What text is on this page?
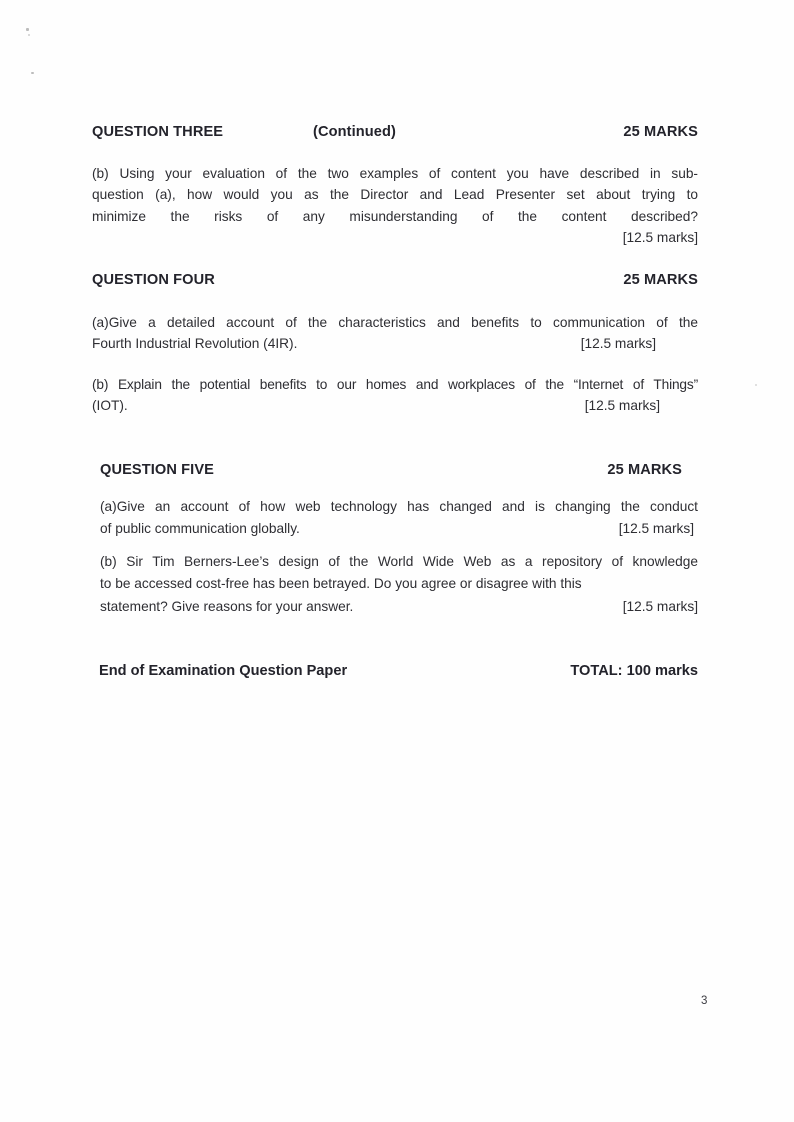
QUESTION THREE	(Continued)	25 MARKS
(b) Using your evaluation of the two examples of content you have described in sub-
question (a), how would you as the Director and Lead Presenter set about trying to
minimize the risks of any misunderstanding of the content described?
[12.5 marks]
QUESTION FOUR	25 MARKS
(a)Give a detailed account of the characteristics and benefits to communication of the
Fourth Industrial Revolution (4IR).	[12.5 marks]
(b) Explain the potential benefits to our homes and workplaces of the “Internet of Things”
(IOT).	[12.5 marks]
QUESTION FIVE	25 MARKS
(a)Give an account of how web technology has changed and is changing the conduct
of public communication globally.	[12.5 marks]
(b) Sir Tim Berners-Lee’s design of the World Wide Web as a repository of knowledge
to be accessed cost-free has been betrayed. Do you agree or disagree with this
statement? Give reasons for your answer.	[12.5 marks]
End of Examination Question Paper	TOTAL: 100 marks
3
